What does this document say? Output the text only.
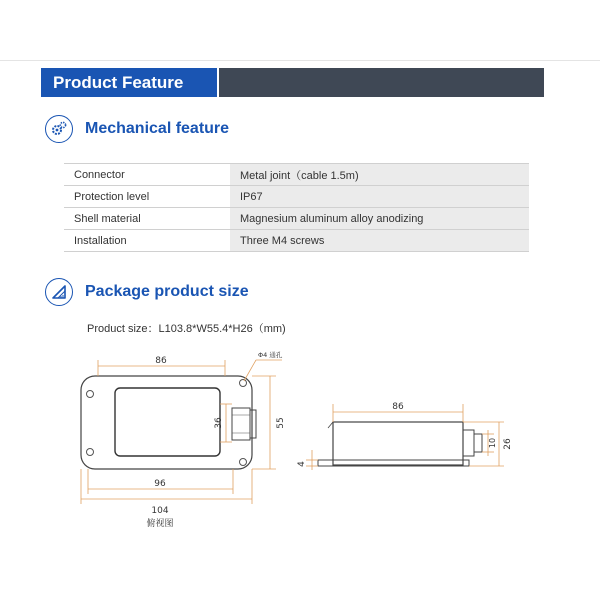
Product Feature
Mechanical feature
Connector	Metal joint（cable 1.5m)
Protection level	IP67
Shell material	Magnesium aluminum alloy anodizing
Installation	Three M4 screws
Package product size
Product size：L103.8*W55.4*H26（mm)
86
Φ4 通孔
36	55
96
104
俯视图
86
4
10 26
